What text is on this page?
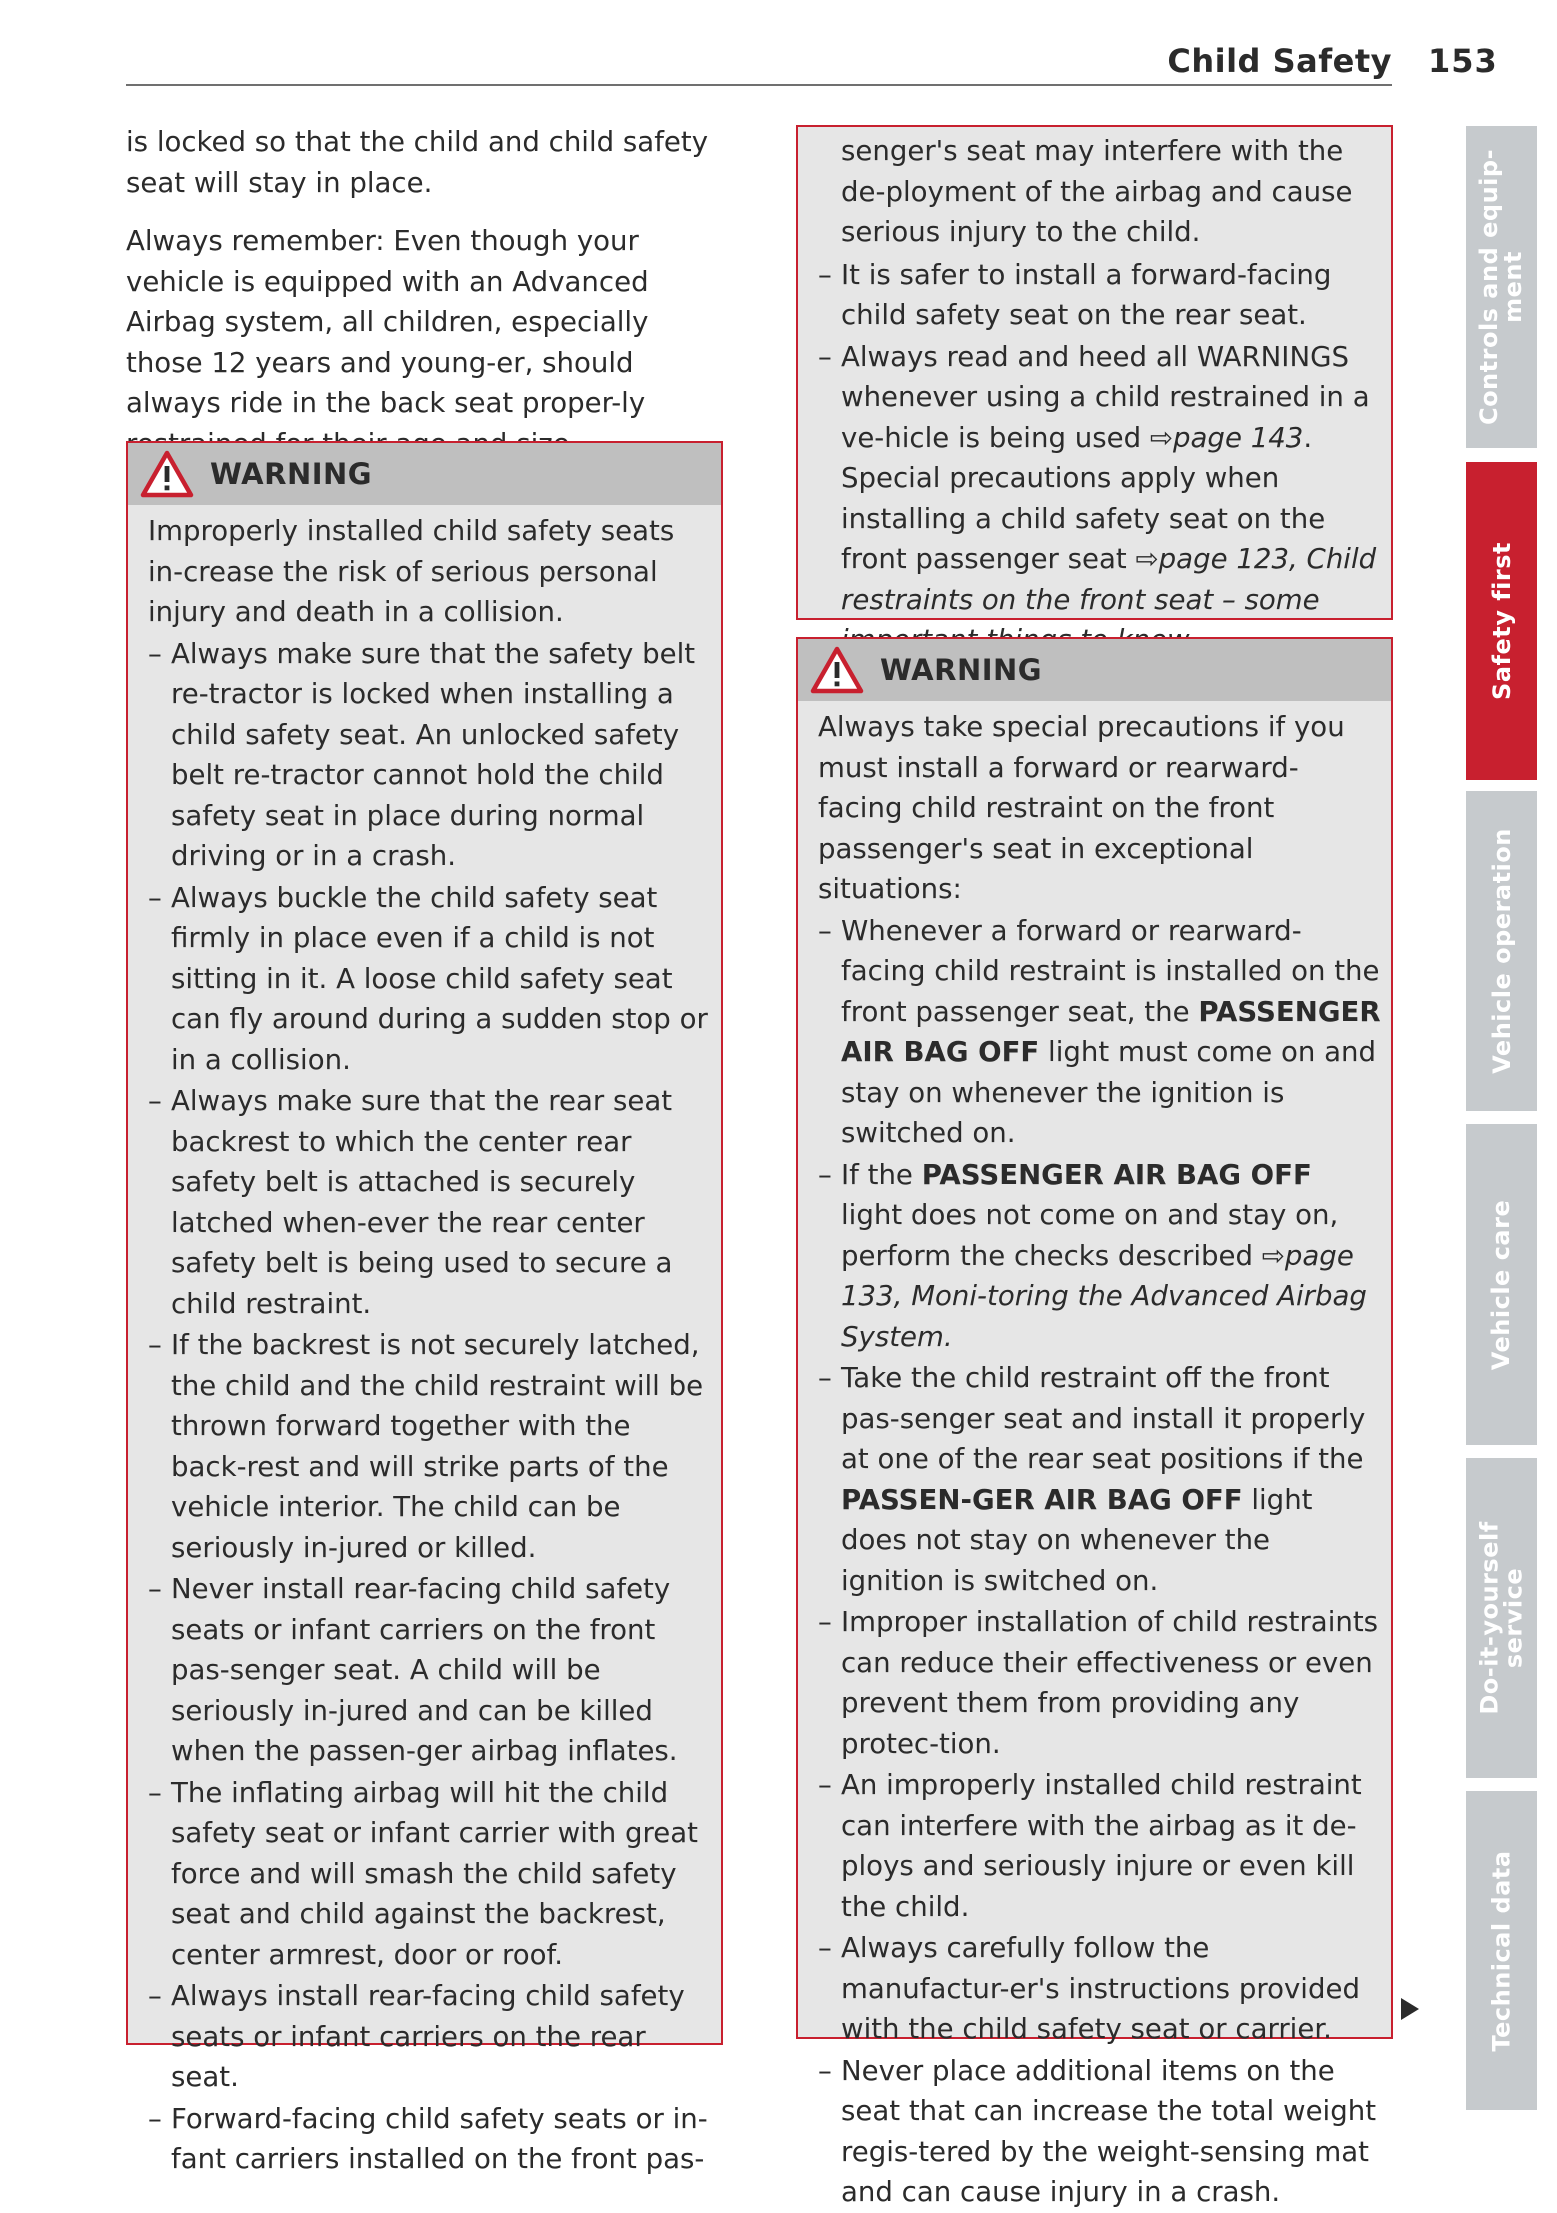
Child Safety 153

is locked so that the child and child safety seat will stay in place.

Always remember: Even though your vehicle is equipped with an Advanced Airbag system, all children, especially those 12 years and young-er, should always ride in the back seat proper-ly

WARNING

Improperly installed child safety seats in-crease the risk of serious personal injury and death in a collision.

– Always make sure that the safety belt re-tractor is locked when installing a child safety seat. An unlocked safety belt re-tractor cannot hold the child safety seat in place during normal driving or in a crash.
– Always buckle the child safety seat firmly in place even if a child is not sitting in it. A loose child safety seat can fly around during a sudden stop or in a collision.
– Always make sure that the rear seat backrest to which the center rear safety belt is attached is securely latched when-ever the rear center safety belt is being used to secure a child restraint.
– If the backrest is not securely latched, the child and the child restraint will be thrown forward together with the back-rest and will strike parts of the vehicle interior. The child can be seriously in-jured or killed.
– Never install rear-facing child safety seats or infant carriers on the front pas-senger seat. A child will be seriously in-jured and can be killed when the passen-ger airbag inflates.
– The inflating airbag will hit the child safety seat or infant carrier with great force and will smash the child safety seat and child against the backrest, center armrest, door or roof.
– Always install rear-facing child safety seats or infant carriers on the rear seat.
– Forward-facing child safety seats or in-fant carriers installed on the front pas-
senger's seat may interfere with the de-ployment of the airbag and cause serious injury to the child.
– It is safer to install a forward-facing child safety seat on the rear seat.
– Always read and heed all WARNINGS whenever using a child restrained in a ve-hicle is being used ⇨page 143. Special precautions apply when installing a child safety seat on the front passenger seat ⇨page 123, Child restraints on the front seat – some
WARNING

Always take special precautions if you must install a forward or rearward-facing child restraint on the front passenger's seat in exceptional situations:

– Whenever a forward or rearward-facing child restraint is installed on the front passenger seat, the PASSENGER AIR BAG OFF light must come on and stay on whenever the ignition is switched on.
– If the PASSENGER AIR BAG OFF light does not come on and stay on, perform the checks described ⇨page 133, Moni-toring the Advanced Airbag System.
– Take the child restraint off the front pas-senger seat and install it properly at one of the rear seat positions if the PASSEN-GER AIR BAG OFF light does not stay on whenever the ignition is switched on.
– Improper installation of child restraints can reduce their effectiveness or even prevent them from providing any protec-tion.
– An improperly installed child restraint can interfere with the airbag as it de-ploys and seriously injure or even kill the child.
– Always carefully follow the manufactur-er's instructions provided with the child safety seat or carrier.
– Never place additional items on the seat that can increase the total weight regis-tered by the weight-sensing mat and can cause injury in a crash.
Controls and equip-
ment
Safety first
Vehicle operation
Vehicle care
Do-it-yourself
service
Technical data
